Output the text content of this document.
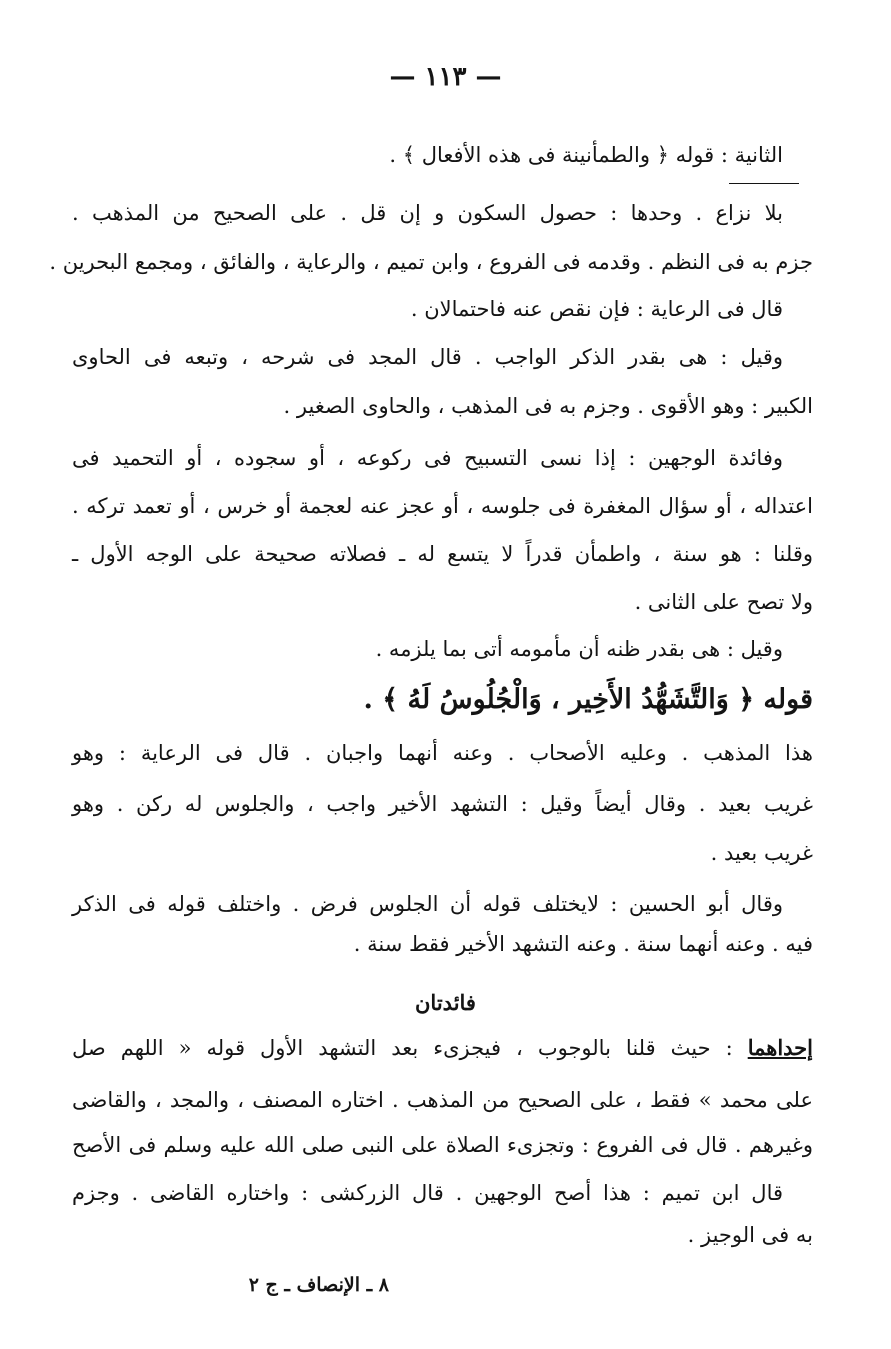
— ١١٣ —
الثانية : قوله ﴿ والطمأنينة فى هذه الأفعال ﴾ .
بلا نزاع . وحدها : حصول السكون و إن قل . على الصحيح من المذهب .
جزم به فى النظم . وقدمه فى الفروع ، وابن تميم ، والرعاية ، والفائق ، ومجمع البحرين .
قال فى الرعاية : فإن نقص عنه فاحتمالان .
وقيل : هى بقدر الذكر الواجب . قال المجد فى شرحه ، وتبعه فى الحاوى
الكبير : وهو الأقوى . وجزم به فى المذهب ، والحاوى الصغير .
وفائدة الوجهين : إذا نسى التسبيح فى ركوعه ، أو سجوده ، أو التحميد فى
اعتداله ، أو سؤال المغفرة فى جلوسه ، أو عجز عنه لعجمة أو خرس ، أو تعمد تركه .
وقلنا : هو سنة ، واطمأن قدراً لا يتسع له ـ فصلاته صحيحة على الوجه الأول ـ
ولا تصح على الثانى .
وقيل : هى بقدر ظنه أن مأمومه أتى بما يلزمه .
قوله ﴿ وَالتَّشَهُّدُ الأَخِير ، وَالْجُلُوسُ لَهُ ﴾ .
هذا المذهب . وعليه الأصحاب . وعنه أنهما واجبان . قال فى الرعاية : وهو
غريب بعيد . وقال أيضاً وقيل : التشهد الأخير واجب ، والجلوس له ركن . وهو
غريب بعيد .
وقال أبو الحسين : لايختلف قوله أن الجلوس فرض . واختلف قوله فى الذكر
فيه . وعنه أنهما سنة . وعنه التشهد الأخير فقط سنة .
فائدتان
إحداهما : حيث قلنا بالوجوب ، فيجزىء بعد التشهد الأول قوله « اللهم صل
على محمد » فقط ، على الصحيح من المذهب . اختاره المصنف ، والمجد ، والقاضى
وغيرهم . قال فى الفروع : وتجزىء الصلاة على النبى صلى الله عليه وسلم فى الأصح
قال ابن تميم : هذا أصح الوجهين . قال الزركشى : واختاره القاضى . وجزم
به فى الوجيز .
٨ ـ الإنصاف ـ ج ٢
